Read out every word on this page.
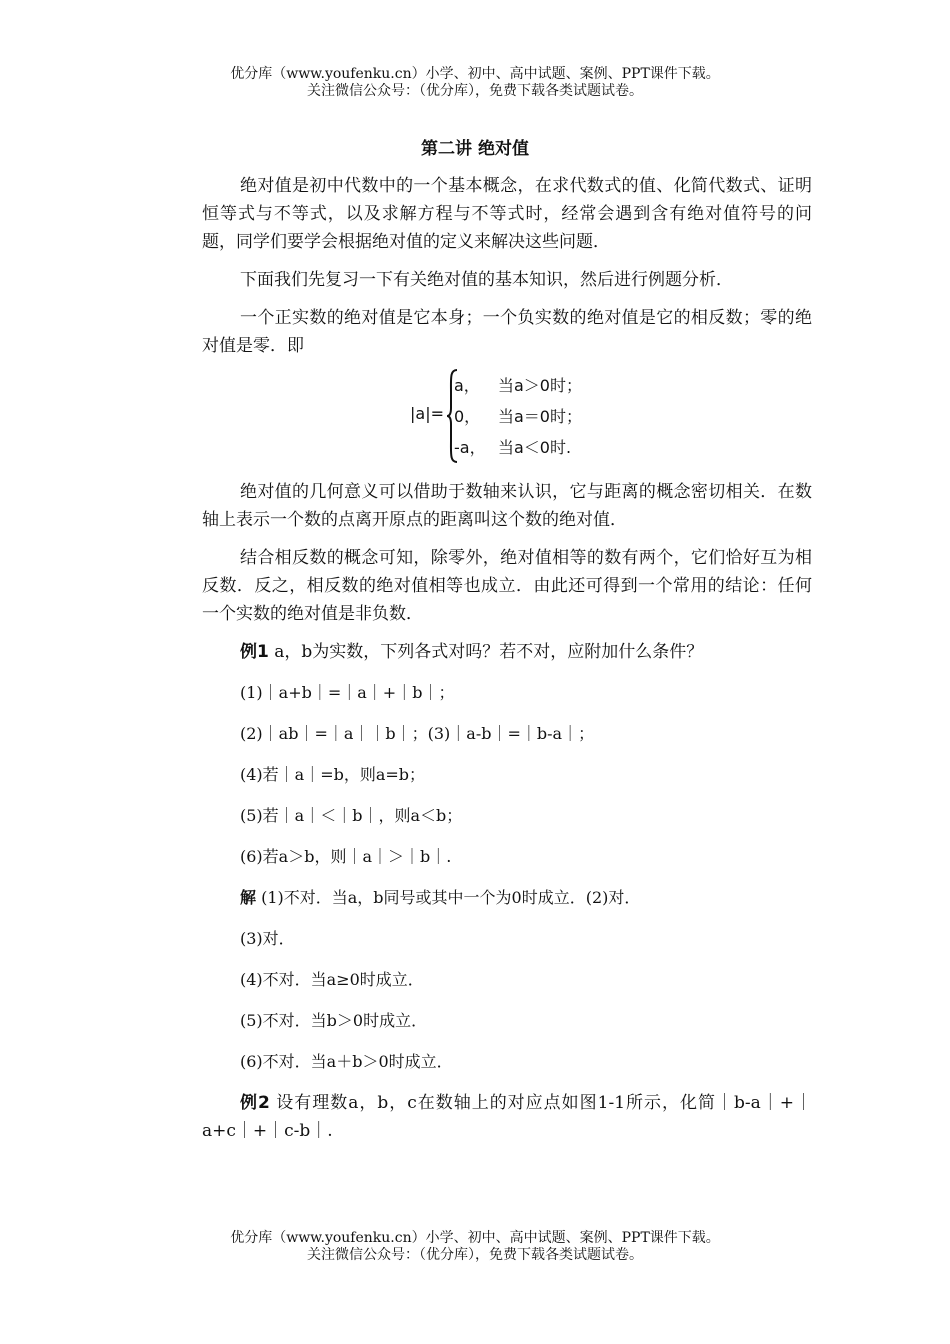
优分库（www.youfenku.cn）小学、初中、高中试题、案例、PPT课件下载。
关注微信公众号：（优分库），免费下载各类试题试卷。
第二讲 绝对值

绝对值是初中代数中的一个基本概念，在求代数式的值、化简代数式、证明恒等式与不等式，以及求解方程与不等式时，经常会遇到含有绝对值符号的问题，同学们要学会根据绝对值的定义来解决这些问题．

下面我们先复习一下有关绝对值的基本知识，然后进行例题分析．

一个正实数的绝对值是它本身；一个负实数的绝对值是它的相反数；零的绝对值是零．即

|a|=
a， 当a＞0时；
0， 当a＝0时；
-a， 当a＜0时.

绝对值的几何意义可以借助于数轴来认识，它与距离的概念密切相关．在数轴上表示一个数的点离开原点的距离叫这个数的绝对值．

结合相反数的概念可知，除零外，绝对值相等的数有两个，它们恰好互为相反数．反之，相反数的绝对值相等也成立．由此还可得到一个常用的结论：任何一个实数的绝对值是非负数．

例1 a，b为实数，下列各式对吗？若不对，应附加什么条件？

(1)｜a+b｜=｜a｜+｜b｜；

(2)｜ab｜=｜a｜｜b｜；(3)｜a-b｜=｜b-a｜；

(4)若｜a｜=b，则a=b；

(5)若｜a｜＜｜b｜，则a＜b；

(6)若a＞b，则｜a｜＞｜b｜.

解 (1)不对．当a，b同号或其中一个为0时成立．(2)对．

(3)对．

(4)不对．当a≥0时成立．

(5)不对．当b＞0时成立．

(6)不对．当a＋b＞0时成立．

例2 设有理数a，b，c在数轴上的对应点如图1-1所示，化简｜b-a｜+｜a+c｜+｜c-b｜.

优分库（www.youfenku.cn）小学、初中、高中试题、案例、PPT课件下载。
关注微信公众号：（优分库），免费下载各类试题试卷。
